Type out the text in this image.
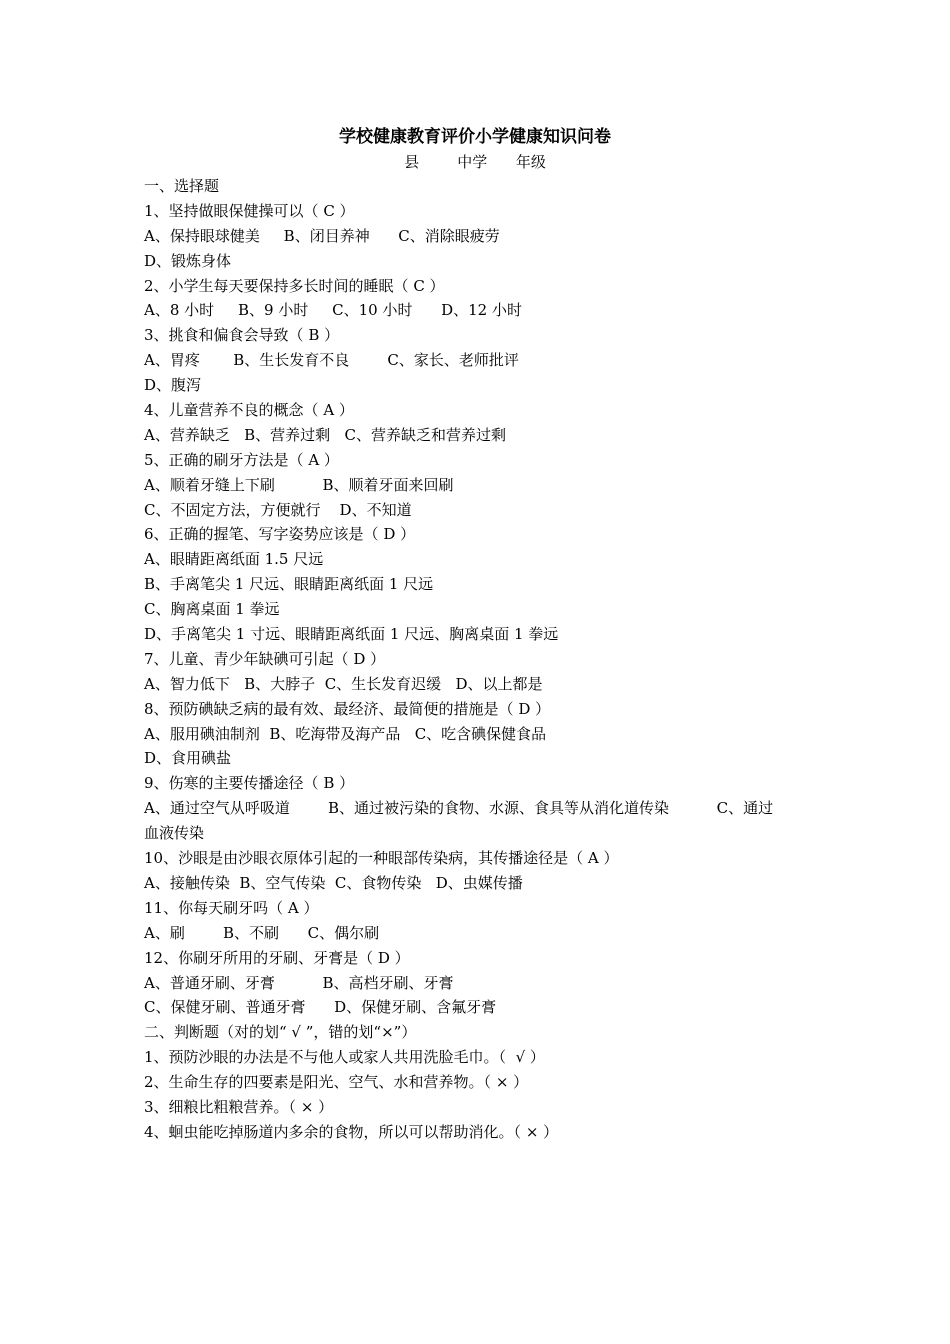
学校健康教育评价小学健康知识问卷
县        中学      年级
一、选择题
1、坚持做眼保健操可以（ C ）
A、保持眼球健美     B、闭目养神      C、消除眼疲劳
D、锻炼身体
2、小学生每天要保持多长时间的睡眠（ C ）
A、8 小时     B、9 小时     C、10 小时      D、12 小时
3、挑食和偏食会导致（ B ）
A、胃疼       B、生长发育不良        C、家长、老师批评
D、腹泻
4、儿童营养不良的概念（ A ）
A、营养缺乏   B、营养过剩   C、营养缺乏和营养过剩
5、正确的刷牙方法是（ A ）
A、顺着牙缝上下刷          B、顺着牙面来回刷
C、不固定方法，方便就行    D、不知道
6、正确的握笔、写字姿势应该是（ D ）
A、眼睛距离纸面 1.5 尺远
B、手离笔尖 1 尺远、眼睛距离纸面 1 尺远
C、胸离桌面 1 拳远
D、手离笔尖 1 寸远、眼睛距离纸面 1 尺远、胸离桌面 1 拳远
7、儿童、青少年缺碘可引起（ D ）
A、智力低下   B、大脖子  C、生长发育迟缓   D、以上都是
8、预防碘缺乏病的最有效、最经济、最简便的措施是（ D ）
A、服用碘油制剂  B、吃海带及海产品   C、吃含碘保健食品
D、食用碘盐
9、伤寒的主要传播途径（ B ）
A、通过空气从呼吸道        B、通过被污染的食物、水源、食具等从消化道传染          C、通过
血液传染
10、沙眼是由沙眼衣原体引起的一种眼部传染病，其传播途径是（ A ）
A、接触传染  B、空气传染  C、食物传染   D、虫媒传播
11、你每天刷牙吗（ A ）
A、刷        B、不刷      C、偶尔刷
12、你刷牙所用的牙刷、牙膏是（ D ）
A、普通牙刷、牙膏          B、高档牙刷、牙膏
C、保健牙刷、普通牙膏      D、保健牙刷、含氟牙膏
二、判断题（对的划“ √ ”，错的划“×”）
1、预防沙眼的办法是不与他人或家人共用洗脸毛巾。（  √ ）
2、生命生存的四要素是阳光、空气、水和营养物。（ × ）
3、细粮比粗粮营养。（ × ）
4、蛔虫能吃掉肠道内多余的食物，所以可以帮助消化。（ × ）
